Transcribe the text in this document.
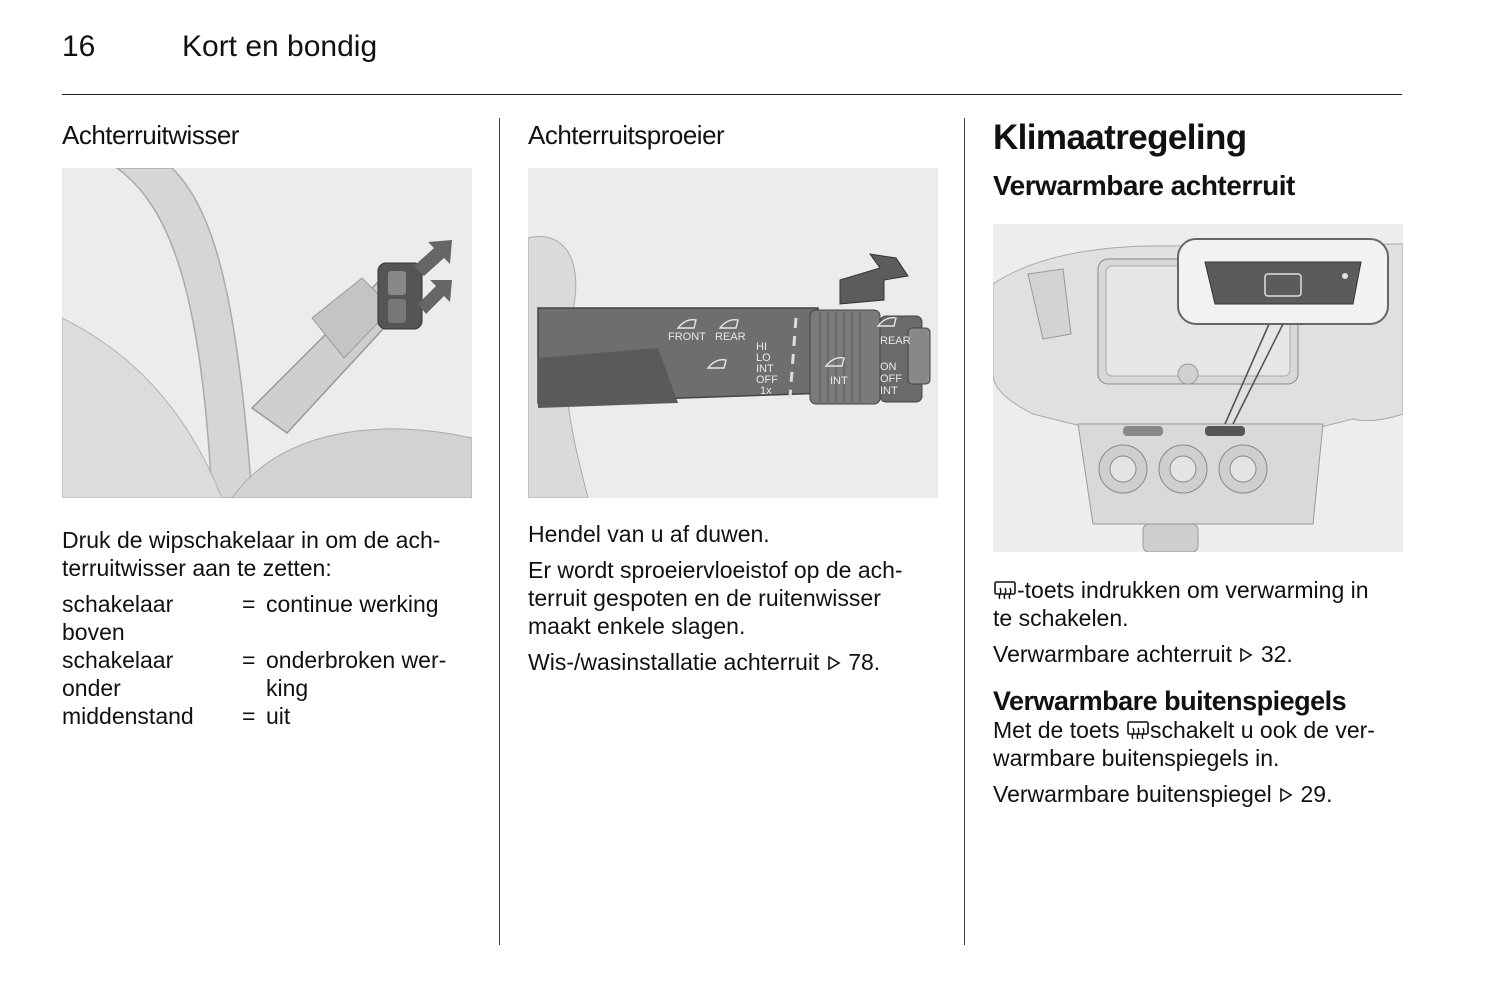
16	Kort en bondig
Achterruitwisser

Druk de wipschakelaar in om de ach-

terruitwisser aan te zetten:

schakelaar
boven
= continue werking
schakelaar
onder
= onderbroken wer-
king
middenstand	= uit
Achterruitsproeier
FRONT REAR
HI
LO
INT
OFF
1x
INT
REAR
ON
OFF
INT

Hendel van u af duwen.

Er wordt sproeiervloeistof op de ach-

terruit gespoten en de ruitenwisser

maakt enkele slagen.

Wis-/wasinstallatie achterruit 78.

Klimaatregeling
Verwarmbare achterruit

-toets indrukken om verwarming in

te schakelen.

Verwarmbare achterruit 32.

Verwarmbare buitenspiegels

Met de toets schakelt u ook de ver-

warmbare buitenspiegels in.

Verwarmbare buitenspiegel 29.
